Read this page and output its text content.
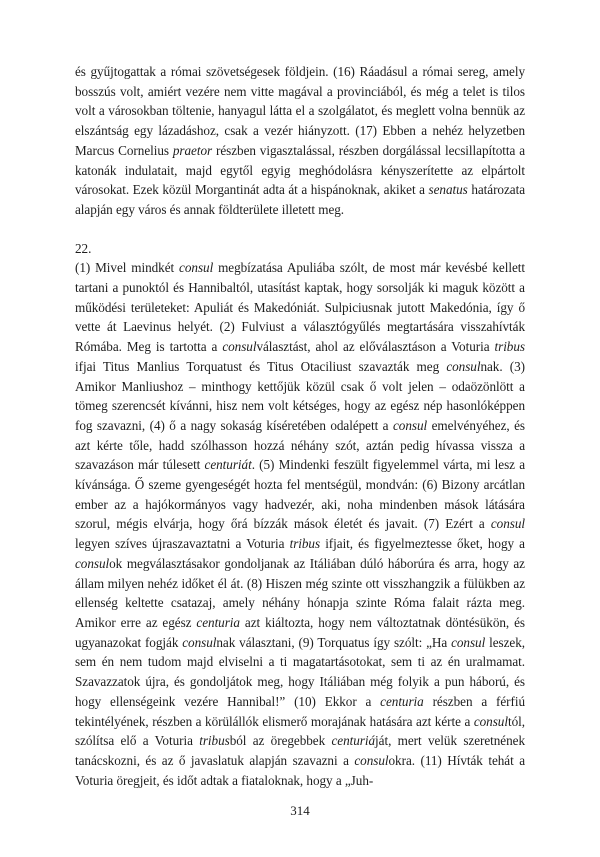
és gyűjtogattak a római szövetségesek földjein. (16) Ráadásul a római sereg, amely bosszús volt, amiért vezére nem vitte magával a provinciából, és még a telet is tilos volt a városokban töltenie, hanyagul látta el a szolgálatot, és meglett volna bennük az elszántság egy lázadáshoz, csak a vezér hiányzott. (17) Ebben a nehéz helyzetben Marcus Cornelius praetor részben vigasztalással, részben dorgálással lecsillapította a katonák indulatait, majd egytől egyig meghódolásra kényszerítette az elpártolt városokat. Ezek közül Morgantinát adta át a hispánoknak, akiket a senatus határozata alapján egy város és annak földterülete illetett meg.

22.

(1) Mivel mindkét consul megbízatása Apuliába szólt, de most már kevésbé kellett tartani a punoktól és Hannibaltól, utasítást kaptak, hogy sorsolják ki maguk között a működési területeket: Apuliát és Makedóniát. Sulpiciusnak jutott Makedónia, így ő vette át Laevinus helyét. (2) Fulviust a választógyűlés megtartására visszahívták Rómába. Meg is tartotta a consulválasztást, ahol az előválasztáson a Voturia tribus ifjai Titus Manlius Torquatust és Titus Otaciliust szavazták meg consulnak. (3) Amikor Manliushoz – minthogy kettőjük közül csak ő volt jelen – odaözönlött a tömeg szerencsét kívánni, hisz nem volt kétséges, hogy az egész nép hasonlóképpen fog szavazni, (4) ő a nagy sokaság kíséretében odalépett a consul emelvényéhez, és azt kérte tőle, hadd szólhasson hozzá néhány szót, aztán pedig hívassa vissza a szavazáson már túlesett centuriát. (5) Mindenki feszült figyelemmel várta, mi lesz a kívánsága. Ő szeme gyengeségét hozta fel mentségül, mondván: (6) Bizony arcátlan ember az a hajókormányos vagy hadvezér, aki, noha mindenben mások látására szorul, mégis elvárja, hogy őrá bízzák mások életét és javait. (7) Ezért a consul legyen szíves újraszavaztatni a Voturia tribus ifjait, és figyelmeztesse őket, hogy a consulok megválasztásakor gondoljanak az Itáliában dúló háborúra és arra, hogy az állam milyen nehéz időket él át. (8) Hiszen még szinte ott visszhangzik a fülükben az ellenség keltette csatazaj, amely néhány hónapja szinte Róma falait rázta meg. Amikor erre az egész centuria azt kiáltozta, hogy nem változtatnak döntésükön, és ugyanazokat fogják consulnak választani, (9) Torquatus így szólt: „Ha consul leszek, sem én nem tudom majd elviselni a ti magatartásotokat, sem ti az én uralmamat. Szavazzatok újra, és gondoljátok meg, hogy Itáliában még folyik a pun háború, és hogy ellenségeink vezére Hannibal!” (10) Ekkor a centuria részben a férfiú tekintélyének, részben a körülállók elismerő morajának hatására azt kérte a consultól, szólítsa elő a Voturia tribusból az öregebbek centuriáját, mert velük szeretnének tanácskozni, és az ő javaslatuk alapján szavazni a consulokra. (11) Hívták tehát a Voturia öregjeit, és időt adtak a fiataloknak, hogy a „Juh-

314
